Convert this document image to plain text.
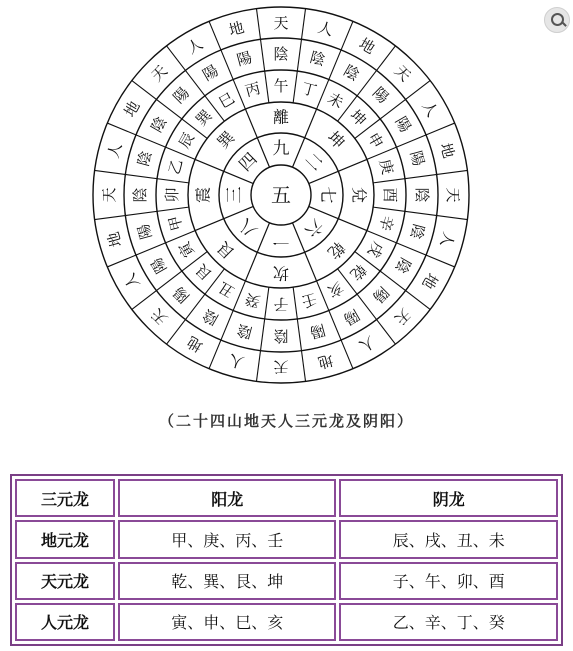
五
九
二
七
六
一
八
三
四
離
坤
兌
乾
坎
艮
震
巽
丙 午 丁 未
坤
申
庚
酉
辛
戌
乾
亥
壬
子
癸
丑
艮
寅
甲
卯
乙
辰
巽
巳
陽 陰 陰
陰
陽
陽
陽
陰
陰
陰
陽
陽
陽
陰
陰
陰
陽
陽
陽
陰
陰
陰
陽
陽
地 天 人
地
天
人
地
天
人
地
天
人
地
天
人
地
天
人
地
天
人
地
天
人
（二十四山地天人三元龙及阴阳）
三元龙	阳龙	阴龙
地元龙	甲、庚、丙、壬	辰、戌、丑、未
天元龙	乾、巽、艮、坤	子、午、卯、酉
人元龙	寅、申、巳、亥	乙、辛、丁、癸
